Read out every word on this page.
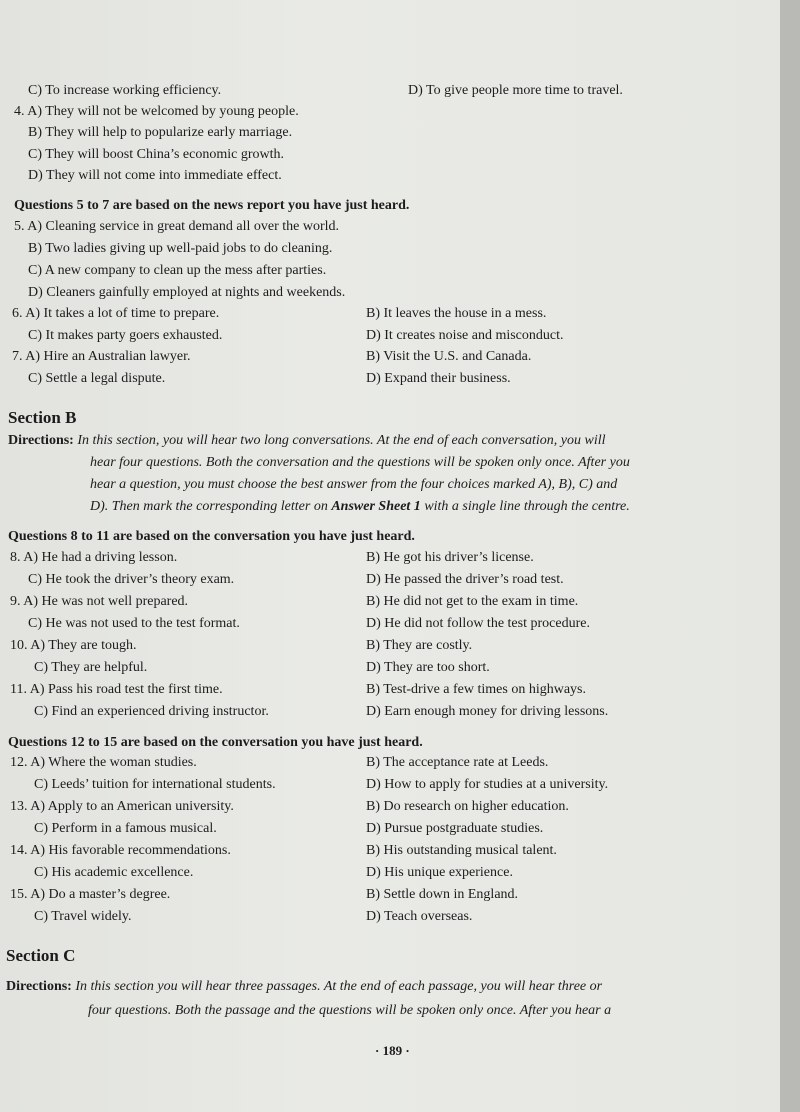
C) To increase working efficiency.	D) To give people more time to travel.
4. A) They will not be welcomed by young people.
B) They will help to popularize early marriage.
C) They will boost China’s economic growth.
D) They will not come into immediate effect.
Questions 5 to 7 are based on the news report you have just heard.
5. A) Cleaning service in great demand all over the world.
B) Two ladies giving up well-paid jobs to do cleaning.
C) A new company to clean up the mess after parties.
D) Cleaners gainfully employed at nights and weekends.
6. A) It takes a lot of time to prepare.	B) It leaves the house in a mess.
C) It makes party goers exhausted.	D) It creates noise and misconduct.
7. A) Hire an Australian lawyer.	B) Visit the U.S. and Canada.
C) Settle a legal dispute.	D) Expand their business.
Section B
Directions: In this section, you will hear two long conversations. At the end of each conversation, you will
hear four questions. Both the conversation and the questions will be spoken only once. After you
hear a question, you must choose the best answer from the four choices marked A), B), C) and
D). Then mark the corresponding letter on Answer Sheet 1 with a single line through the centre.
Questions 8 to 11 are based on the conversation you have just heard.
8. A) He had a driving lesson.	B) He got his driver’s license.
C) He took the driver’s theory exam.	D) He passed the driver’s road test.
9. A) He was not well prepared.	B) He did not get to the exam in time.
C) He was not used to the test format.	D) He did not follow the test procedure.
10. A) They are tough.	B) They are costly.
C) They are helpful.	D) They are too short.
11. A) Pass his road test the first time.	B) Test-drive a few times on highways.
C) Find an experienced driving instructor.	D) Earn enough money for driving lessons.
Questions 12 to 15 are based on the conversation you have just heard.
12. A) Where the woman studies.	B) The acceptance rate at Leeds.
C) Leeds’ tuition for international students.	D) How to apply for studies at a university.
13. A) Apply to an American university.	B) Do research on higher education.
C) Perform in a famous musical.	D) Pursue postgraduate studies.
14. A) His favorable recommendations.	B) His outstanding musical talent.
C) His academic excellence.	D) His unique experience.
15. A) Do a master’s degree.	B) Settle down in England.
C) Travel widely.	D) Teach overseas.
Section C
Directions: In this section you will hear three passages. At the end of each passage, you will hear three or
four questions. Both the passage and the questions will be spoken only once. After you hear a
· 189 ·
